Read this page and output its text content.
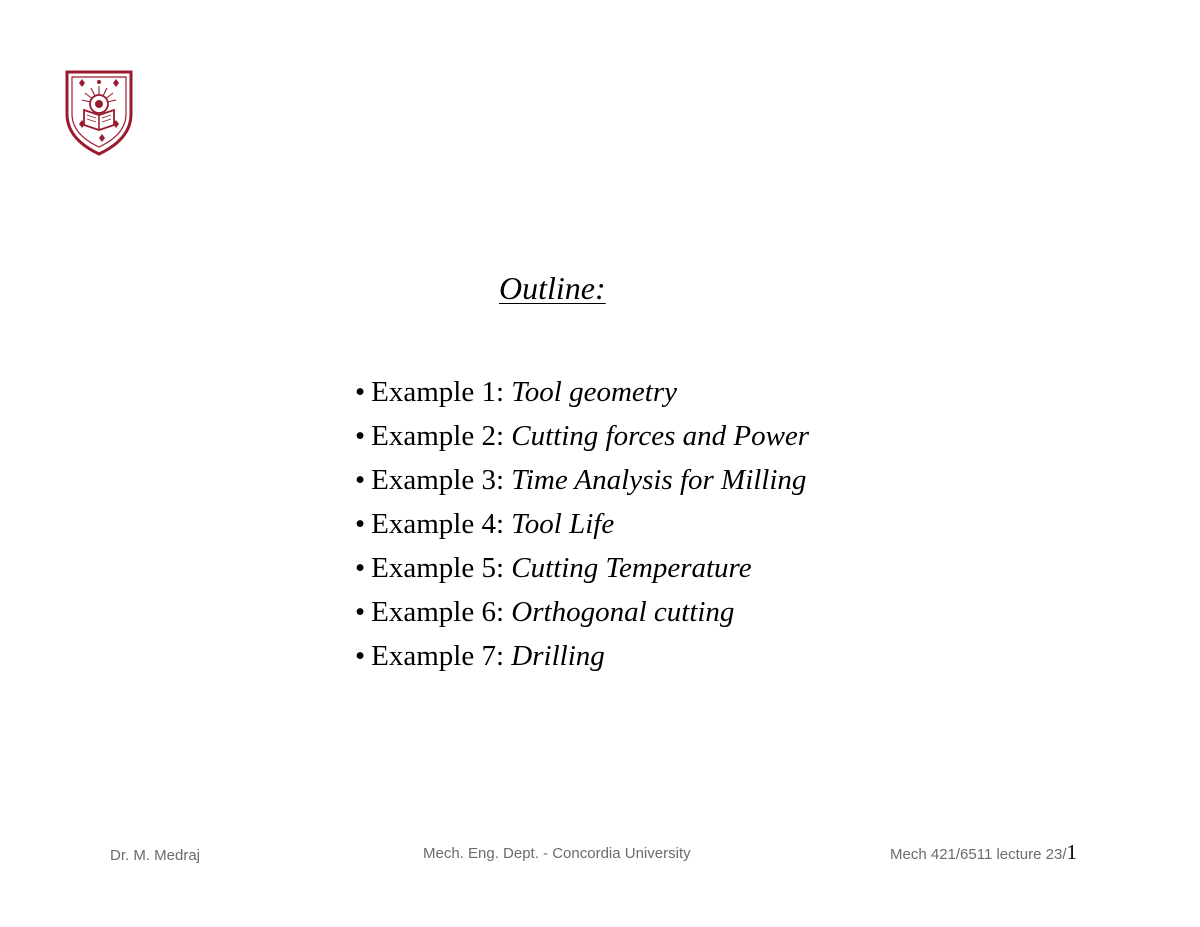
Outline:
• Example 1: Tool geometry
• Example 2: Cutting forces and Power
• Example 3: Time Analysis for Milling
• Example 4: Tool Life
• Example 5: Cutting Temperature
• Example 6: Orthogonal cutting
• Example 7: Drilling
Dr. M. Medraj	Mech. Eng. Dept. - Concordia University	Mech 421/6511 lecture 23/1
